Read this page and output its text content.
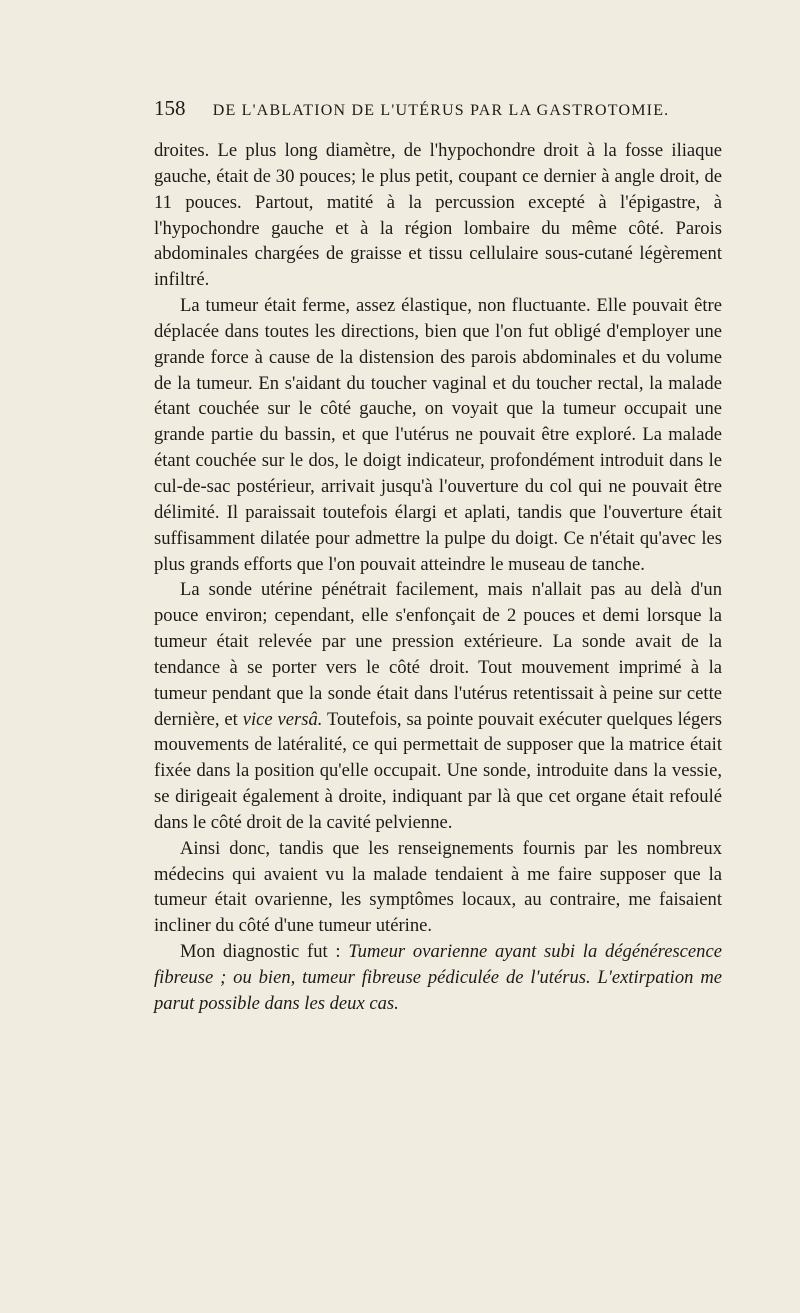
158 DE L'ABLATION DE L'UTÉRUS PAR LA GASTROTOMIE.

droites. Le plus long diamètre, de l'hypochondre droit à la fosse iliaque gauche, était de 30 pouces; le plus petit, coupant ce dernier à angle droit, de 11 pouces. Partout, matité à la percussion excepté à l'épigastre, à l'hypochondre gauche et à la région lombaire du même côté. Parois abdominales chargées de graisse et tissu cellulaire sous-cutané légèrement infiltré.

La tumeur était ferme, assez élastique, non fluctuante. Elle pouvait être déplacée dans toutes les directions, bien que l'on fut obligé d'employer une grande force à cause de la distension des parois abdominales et du volume de la tumeur. En s'aidant du toucher vaginal et du toucher rectal, la malade étant couchée sur le côté gauche, on voyait que la tumeur occupait une grande partie du bassin, et que l'utérus ne pouvait être exploré. La malade étant couchée sur le dos, le doigt indicateur, profondément introduit dans le cul-de-sac postérieur, arrivait jusqu'à l'ouverture du col qui ne pouvait être délimité. Il paraissait toutefois élargi et aplati, tandis que l'ouverture était suffisamment dilatée pour admettre la pulpe du doigt. Ce n'était qu'avec les plus grands efforts que l'on pouvait atteindre le museau de tanche.

La sonde utérine pénétrait facilement, mais n'allait pas au delà d'un pouce environ; cependant, elle s'enfonçait de 2 pouces et demi lorsque la tumeur était relevée par une pression extérieure. La sonde avait de la tendance à se porter vers le côté droit. Tout mouvement imprimé à la tumeur pendant que la sonde était dans l'utérus retentissait à peine sur cette dernière, et vice versâ. Toutefois, sa pointe pouvait exécuter quelques légers mouvements de latéralité, ce qui permettait de supposer que la matrice était fixée dans la position qu'elle occupait. Une sonde, introduite dans la vessie, se dirigeait également à droite, indiquant par là que cet organe était refoulé dans le côté droit de la cavité pelvienne.

Ainsi donc, tandis que les renseignements fournis par les nombreux médecins qui avaient vu la malade tendaient à me faire supposer que la tumeur était ovarienne, les symptômes locaux, au contraire, me faisaient incliner du côté d'une tumeur utérine.

Mon diagnostic fut : Tumeur ovarienne ayant subi la dégénérescence fibreuse ; ou bien, tumeur fibreuse pédiculée de l'utérus. L'extirpation me parut possible dans les deux cas.
